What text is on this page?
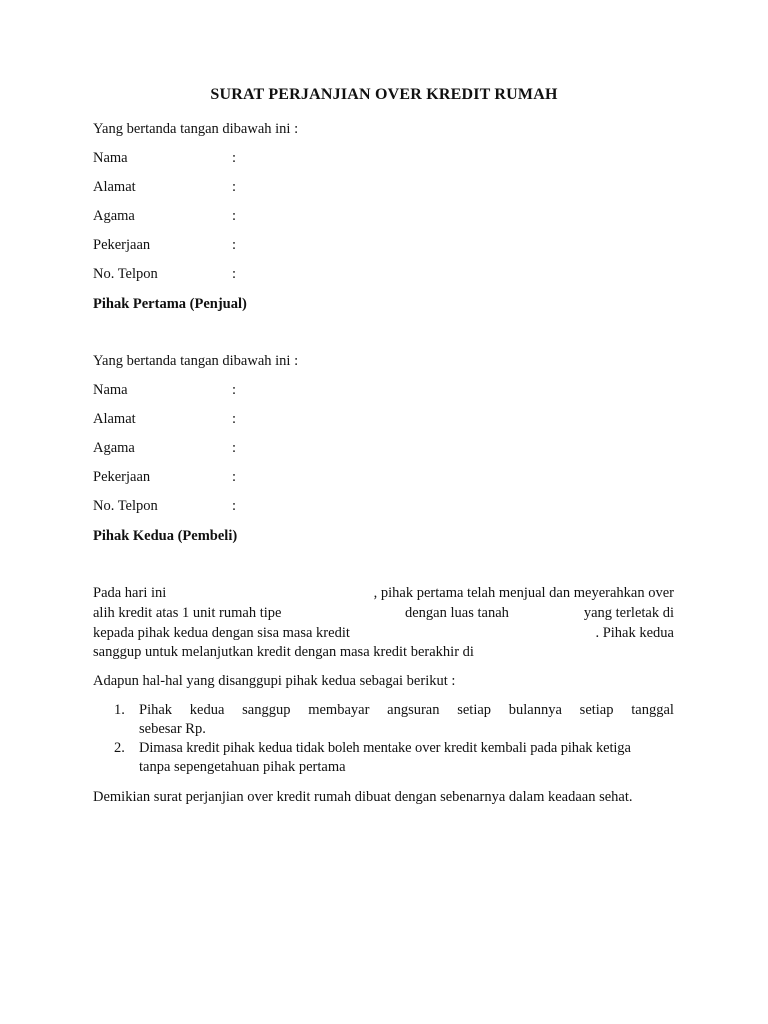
SURAT PERJANJIAN OVER KREDIT RUMAH
Yang bertanda tangan dibawah ini :
Nama	:
Alamat	:
Agama	:
Pekerjaan	:
No. Telpon	:
Pihak Pertama (Penjual)
Yang bertanda tangan dibawah ini :
Nama	:
Alamat	:
Agama	:
Pekerjaan	:
No. Telpon	:
Pihak Kedua (Pembeli)
Pada hari ini	, pihak pertama telah menjual dan meyerahkan over
alih kredit atas 1 unit rumah tipe	dengan luas tanah	yang terletak di
kepada pihak kedua dengan sisa masa kredit	. Pihak kedua
sanggup untuk melanjutkan kredit dengan masa kredit berakhir di
Adapun hal-hal yang disanggupi pihak kedua sebagai berikut :
1. Pihak kedua sanggup membayar angsuran setiap bulannya setiap tanggal
sebesar Rp.
2. Dimasa kredit pihak kedua tidak boleh mentake over kredit kembali pada pihak ketiga
tanpa sepengetahuan pihak pertama
Demikian surat perjanjian over kredit rumah dibuat dengan sebenarnya dalam keadaan sehat.
